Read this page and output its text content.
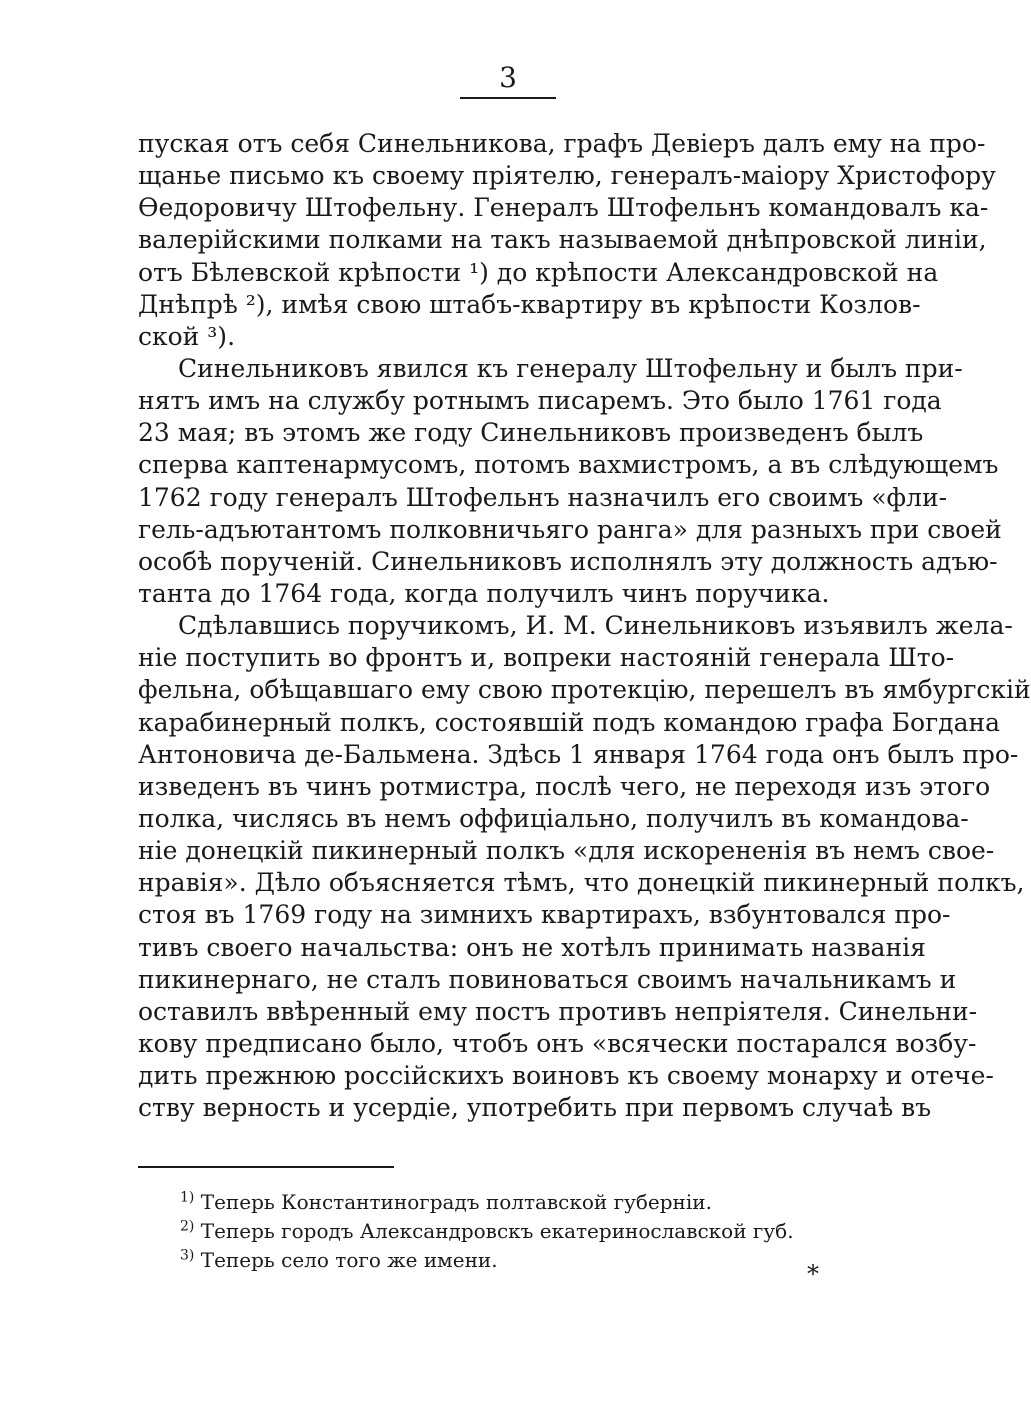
3
пуская отъ себя Синельникова, графъ Девіеръ далъ ему на про-
щанье письмо къ своему пріятелю, генералъ-маіору Христофору
Ѳедоровичу Штофельну. Генералъ Штофельнъ командовалъ ка-
валерійскими полками на такъ называемой днѣпровской линіи,
отъ Бѣлевской крѣпости ¹) до крѣпости Александровской на
Днѣпрѣ ²), имѣя свою штабъ-квартиру въ крѣпости Козлов-
ской ³).
Синельниковъ явился къ генералу Штофельну и былъ при-
нятъ имъ на службу ротнымъ писаремъ. Это было 1761 года
23 мая; въ этомъ же году Синельниковъ произведенъ былъ
сперва каптенармусомъ, потомъ вахмистромъ, а въ слѣдующемъ
1762 году генералъ Штофельнъ назначилъ его своимъ «фли-
гель-адъютантомъ полковничьяго ранга» для разныхъ при своей
особѣ порученій. Синельниковъ исполнялъ эту должность адъю-
танта до 1764 года, когда получилъ чинъ поручика.
Сдѣлавшись поручикомъ, И. М. Синельниковъ изъявилъ жела-
ніе поступить во фронтъ и, вопреки настояній генерала Што-
фельна, обѣщавшаго ему свою протекцію, перешелъ въ ямбургскій
карабинерный полкъ, состоявшій подъ командою графа Богдана
Антоновича де-Бальмена. Здѣсь 1 января 1764 года онъ былъ про-
изведенъ въ чинъ ротмистра, послѣ чего, не переходя изъ этого
полка, числясь въ немъ оффиціально, получилъ въ командова-
ніе донецкій пикинерный полкъ «для искорененія въ немъ свое-
нравія». Дѣло объясняется тѣмъ, что донецкій пикинерный полкъ,
стоя въ 1769 году на зимнихъ квартирахъ, взбунтовался про-
тивъ своего начальства: онъ не хотѣлъ принимать названія
пикинернаго, не сталъ повиноваться своимъ начальникамъ и
оставилъ ввѣренный ему постъ противъ непріятеля. Синельни-
кову предписано было, чтобъ онъ «всячески постарался возбу-
дить прежнюю россійскихъ воиновъ къ своему монарху и отече-
ству верность и усердіе, употребить при первомъ случаѣ въ
$^{1)}$ Теперь Константиноградъ полтавской губерніи.
$^{2)}$ Теперь городъ Александровскъ екатеринославской губ.
$^{3)}$ Теперь село того же имени.	*
